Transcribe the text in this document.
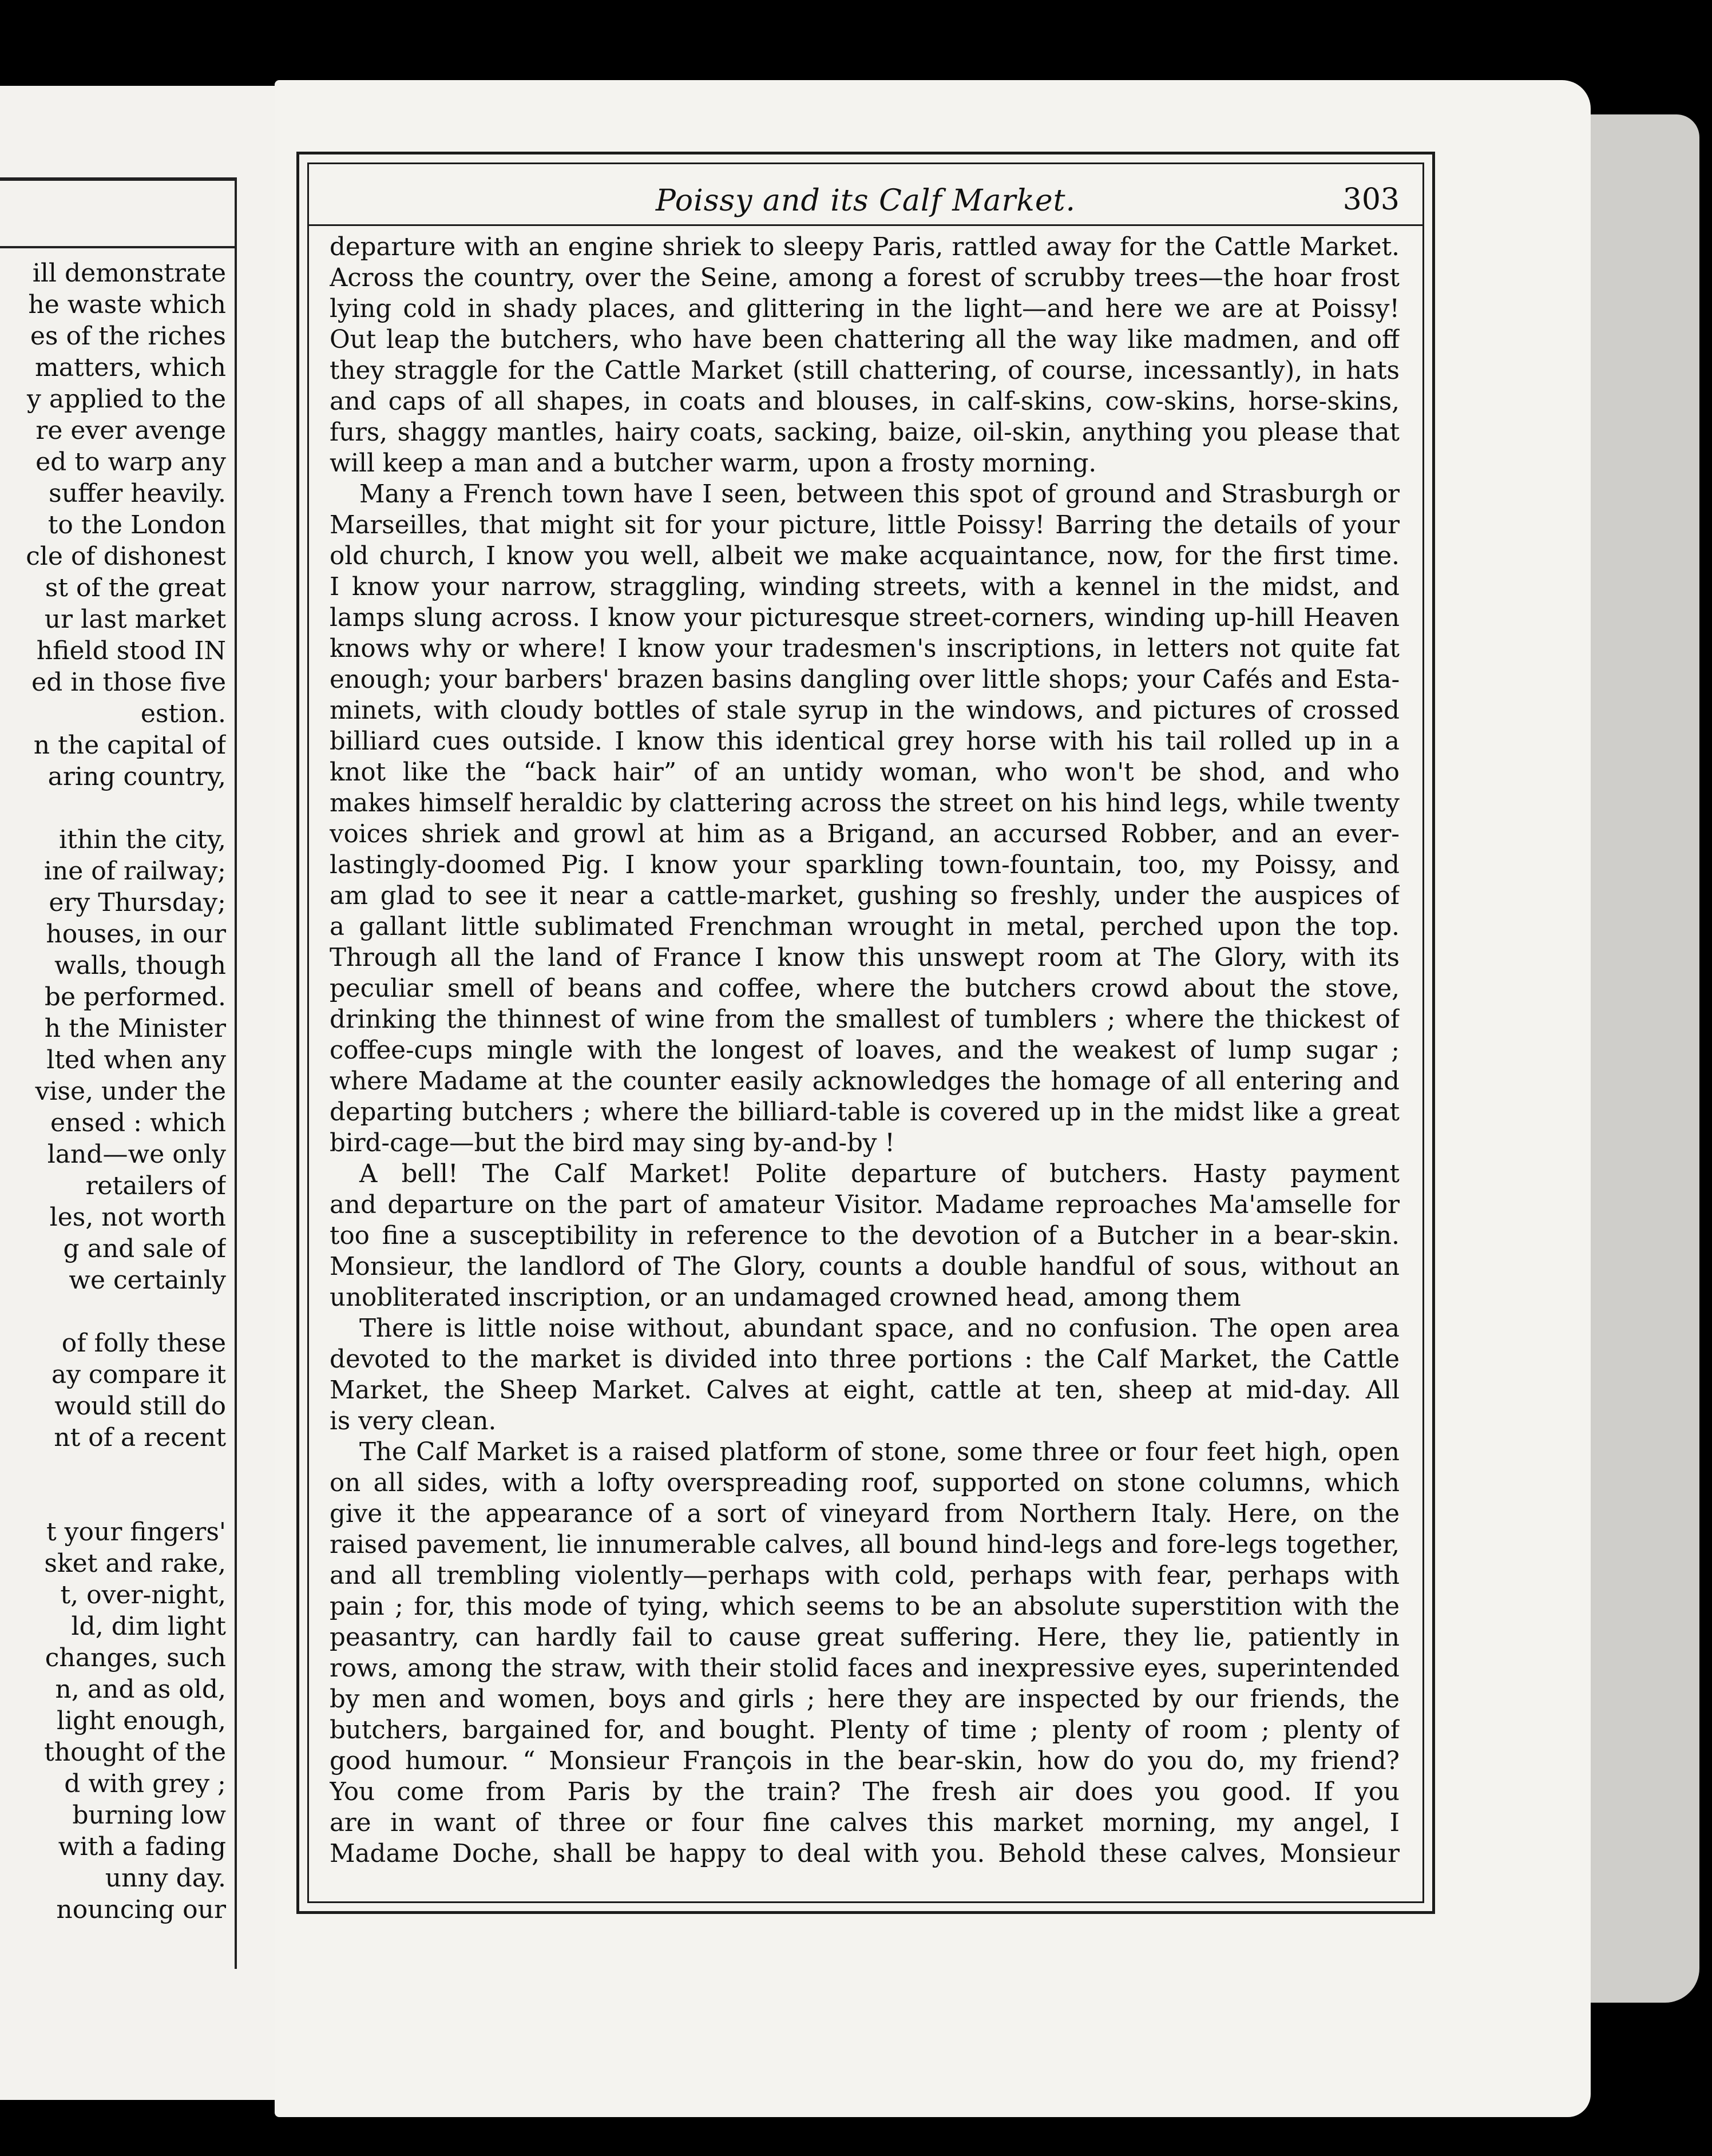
ill demonstrate
he waste which
es of the riches
matters, which
y applied to the
re ever avenge
ed to warp any
suffer heavily.
to the London
cle of dishonest
st of the great
ur last market
hfield stood IN
ed in those five
estion.
n the capital of
aring country,
ithin the city,
ine of railway;
ery Thursday;
houses, in our
walls, though
be performed.
h the Minister
lted when any
vise, under the
ensed : which
land—we only
retailers of
les, not worth
g and sale of
we certainly
of folly these
ay compare it
would still do
nt of a recent
t your fingers'
sket and rake,
t, over-night,
ld, dim light
changes, such
n, and as old,
light enough,
thought of the
d with grey ;
burning low
with a fading
unny day.
nouncing our
Poissy and its Calf Market.	303
departure with an engine shriek to sleepy Paris, rattled away for the Cattle Market.
Across the country, over the Seine, among a forest of scrubby trees—the hoar frost
lying cold in shady places, and glittering in the light—and here we are at Poissy!
Out leap the butchers, who have been chattering all the way like madmen, and off
they straggle for the Cattle Market (still chattering, of course, incessantly), in hats
and caps of all shapes, in coats and blouses, in calf-skins, cow-skins, horse-skins,
furs, shaggy mantles, hairy coats, sacking, baize, oil-skin, anything you please that
will keep a man and a butcher warm, upon a frosty morning.
Many a French town have I seen, between this spot of ground and Strasburgh or
Marseilles, that might sit for your picture, little Poissy! Barring the details of your
old church, I know you well, albeit we make acquaintance, now, for the first time.
I know your narrow, straggling, winding streets, with a kennel in the midst, and
lamps slung across. I know your picturesque street-corners, winding up-hill Heaven
knows why or where! I know your tradesmen's inscriptions, in letters not quite fat
enough; your barbers' brazen basins dangling over little shops; your Cafés and Esta-
minets, with cloudy bottles of stale syrup in the windows, and pictures of crossed
billiard cues outside. I know this identical grey horse with his tail rolled up in a
knot like the “back hair” of an untidy woman, who won't be shod, and who
makes himself heraldic by clattering across the street on his hind legs, while twenty
voices shriek and growl at him as a Brigand, an accursed Robber, and an ever-
lastingly-doomed Pig. I know your sparkling town-fountain, too, my Poissy, and
am glad to see it near a cattle-market, gushing so freshly, under the auspices of
a gallant little sublimated Frenchman wrought in metal, perched upon the top.
Through all the land of France I know this unswept room at The Glory, with its
peculiar smell of beans and coffee, where the butchers crowd about the stove,
drinking the thinnest of wine from the smallest of tumblers ; where the thickest of
coffee-cups mingle with the longest of loaves, and the weakest of lump sugar ;
where Madame at the counter easily acknowledges the homage of all entering and
departing butchers ; where the billiard-table is covered up in the midst like a great
bird-cage—but the bird may sing by-and-by !
A bell! The Calf Market! Polite departure of butchers. Hasty payment
and departure on the part of amateur Visitor. Madame reproaches Ma'amselle for
too fine a susceptibility in reference to the devotion of a Butcher in a bear-skin.
Monsieur, the landlord of The Glory, counts a double handful of sous, without an
unobliterated inscription, or an undamaged crowned head, among them
There is little noise without, abundant space, and no confusion. The open area
devoted to the market is divided into three portions : the Calf Market, the Cattle
Market, the Sheep Market. Calves at eight, cattle at ten, sheep at mid-day. All
is very clean.
The Calf Market is a raised platform of stone, some three or four feet high, open
on all sides, with a lofty overspreading roof, supported on stone columns, which
give it the appearance of a sort of vineyard from Northern Italy. Here, on the
raised pavement, lie innumerable calves, all bound hind-legs and fore-legs together,
and all trembling violently—perhaps with cold, perhaps with fear, perhaps with
pain ; for, this mode of tying, which seems to be an absolute superstition with the
peasantry, can hardly fail to cause great suffering. Here, they lie, patiently in
rows, among the straw, with their stolid faces and inexpressive eyes, superintended
by men and women, boys and girls ; here they are inspected by our friends, the
butchers, bargained for, and bought. Plenty of time ; plenty of room ; plenty of
good humour. “ Monsieur François in the bear-skin, how do you do, my friend?
You come from Paris by the train? The fresh air does you good. If you
are in want of three or four fine calves this market morning, my angel, I
Madame Doche, shall be happy to deal with you. Behold these calves, Monsieur
